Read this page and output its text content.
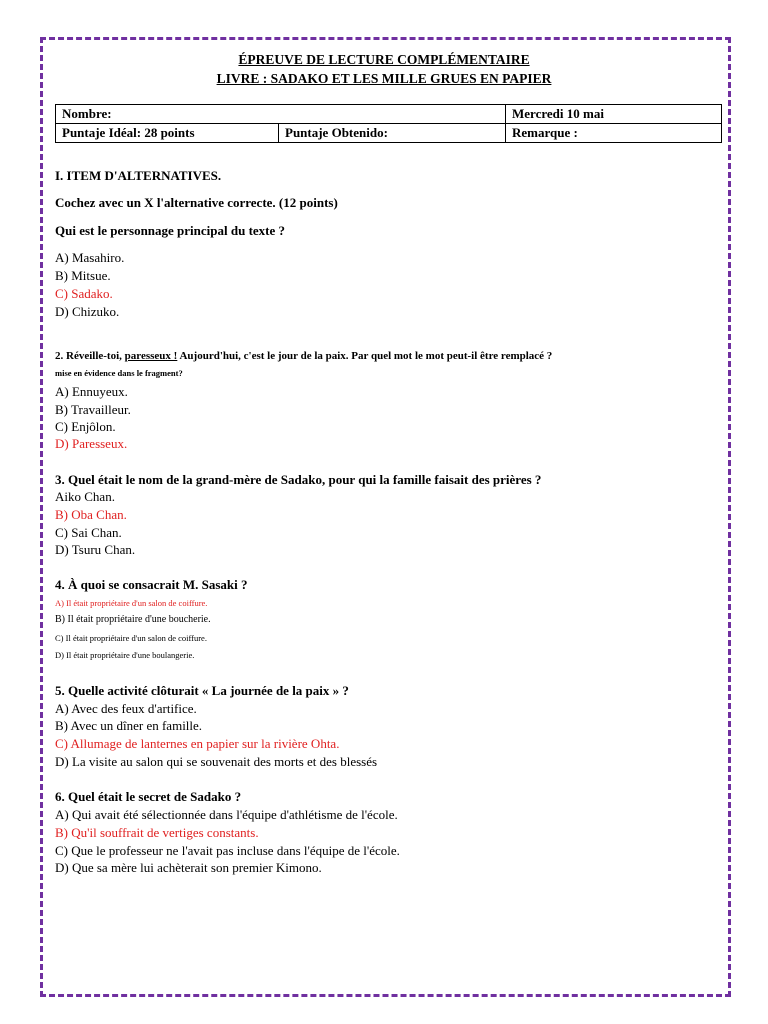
ÉPREUVE DE LECTURE COMPLÉMENTAIRE
LIVRE : SADAKO ET LES MILLE GRUES EN PAPIER
Nombre:		Mercredi 10 mai
Puntaje Idéal: 28 points	Puntaje Obtenido:	Remarque :
I. ITEM D'ALTERNATIVES.
Cochez avec un X l'alternative correcte. (12 points)
Qui est le personnage principal du texte ?
A) Masahiro.
B) Mitsue.
C) Sadako.
D) Chizuko.
2. Réveille-toi, paresseux ! Aujourd'hui, c'est le jour de la paix. Par quel mot le mot peut-il être remplacé ?
mise en évidence dans le fragment?
A) Ennuyeux.
B) Travailleur.
C) Enjôlon.
D) Paresseux.
3. Quel était le nom de la grand-mère de Sadako, pour qui la famille faisait des prières ?
Aiko Chan.
B) Oba Chan.
C) Sai Chan.
D) Tsuru Chan.
4. À quoi se consacrait M. Sasaki ?
A) Il était propriétaire d'un salon de coiffure.
B) Il était propriétaire d'une boucherie.
C) Il était propriétaire d'un salon de coiffure.
D) Il était propriétaire d'une boulangerie.
5. Quelle activité clôturait « La journée de la paix » ?
A) Avec des feux d'artifice.
B) Avec un dîner en famille.
C) Allumage de lanternes en papier sur la rivière Ohta.
D) La visite au salon qui se souvenait des morts et des blessés
6. Quel était le secret de Sadako ?
A) Qui avait été sélectionnée dans l'équipe d'athlétisme de l'école.
B) Qu'il souffrait de vertiges constants.
C) Que le professeur ne l'avait pas incluse dans l'équipe de l'école.
D) Que sa mère lui achèterait son premier Kimono.
